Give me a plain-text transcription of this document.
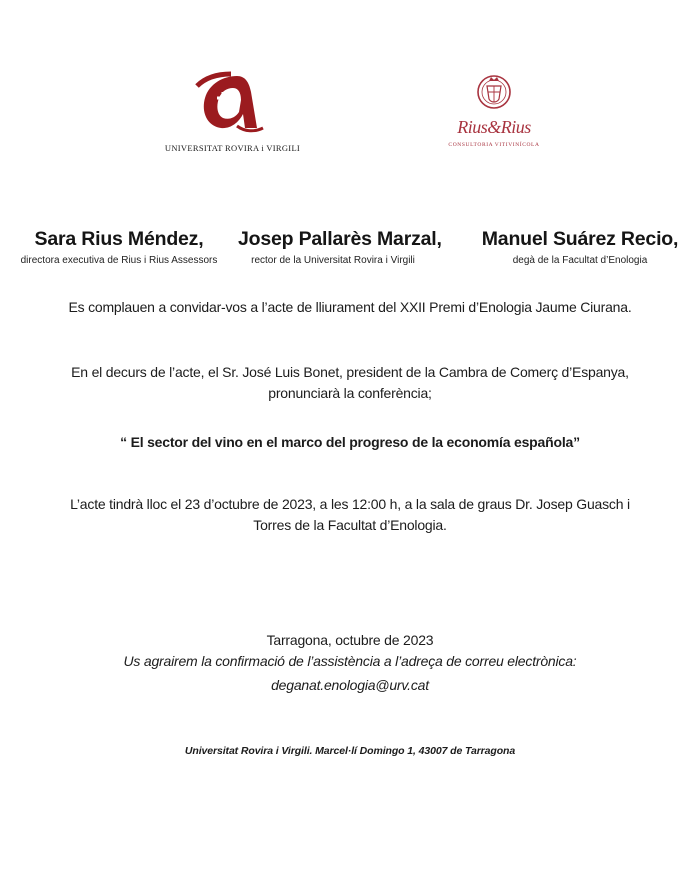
UNIVERSITAT ROVIRA i VIRGILI
Rius&Rius
CONSULTORIA VITIVINÍCOLA
Sara Rius Méndez,
directora executiva de Rius i Rius Assessors
Josep Pallarès Marzal,
rector de la Universitat Rovira i Virgili
Manuel Suárez Recio,
degà de la Facultat d’Enologia
Es complauen a convidar-vos a l’acte de lliurament del XXII Premi d’Enologia Jaume Ciurana.
En el decurs de l’acte, el Sr. José Luis Bonet, president de la Cambra de Comerç d’Espanya, pronunciarà la conferència;
“ El sector del vino en el marco del progreso de la economía española”
L’acte tindrà lloc el 23 d’octubre de 2023, a les 12:00 h, a la sala de graus Dr. Josep Guasch i Torres de la Facultat d’Enologia.
Tarragona, octubre de 2023
Us agrairem la confirmació de l’assistència a l’adreça de correu electrònica:
deganat.enologia@urv.cat
Universitat Rovira i Virgili. Marcel·lí Domingo 1, 43007 de Tarragona
